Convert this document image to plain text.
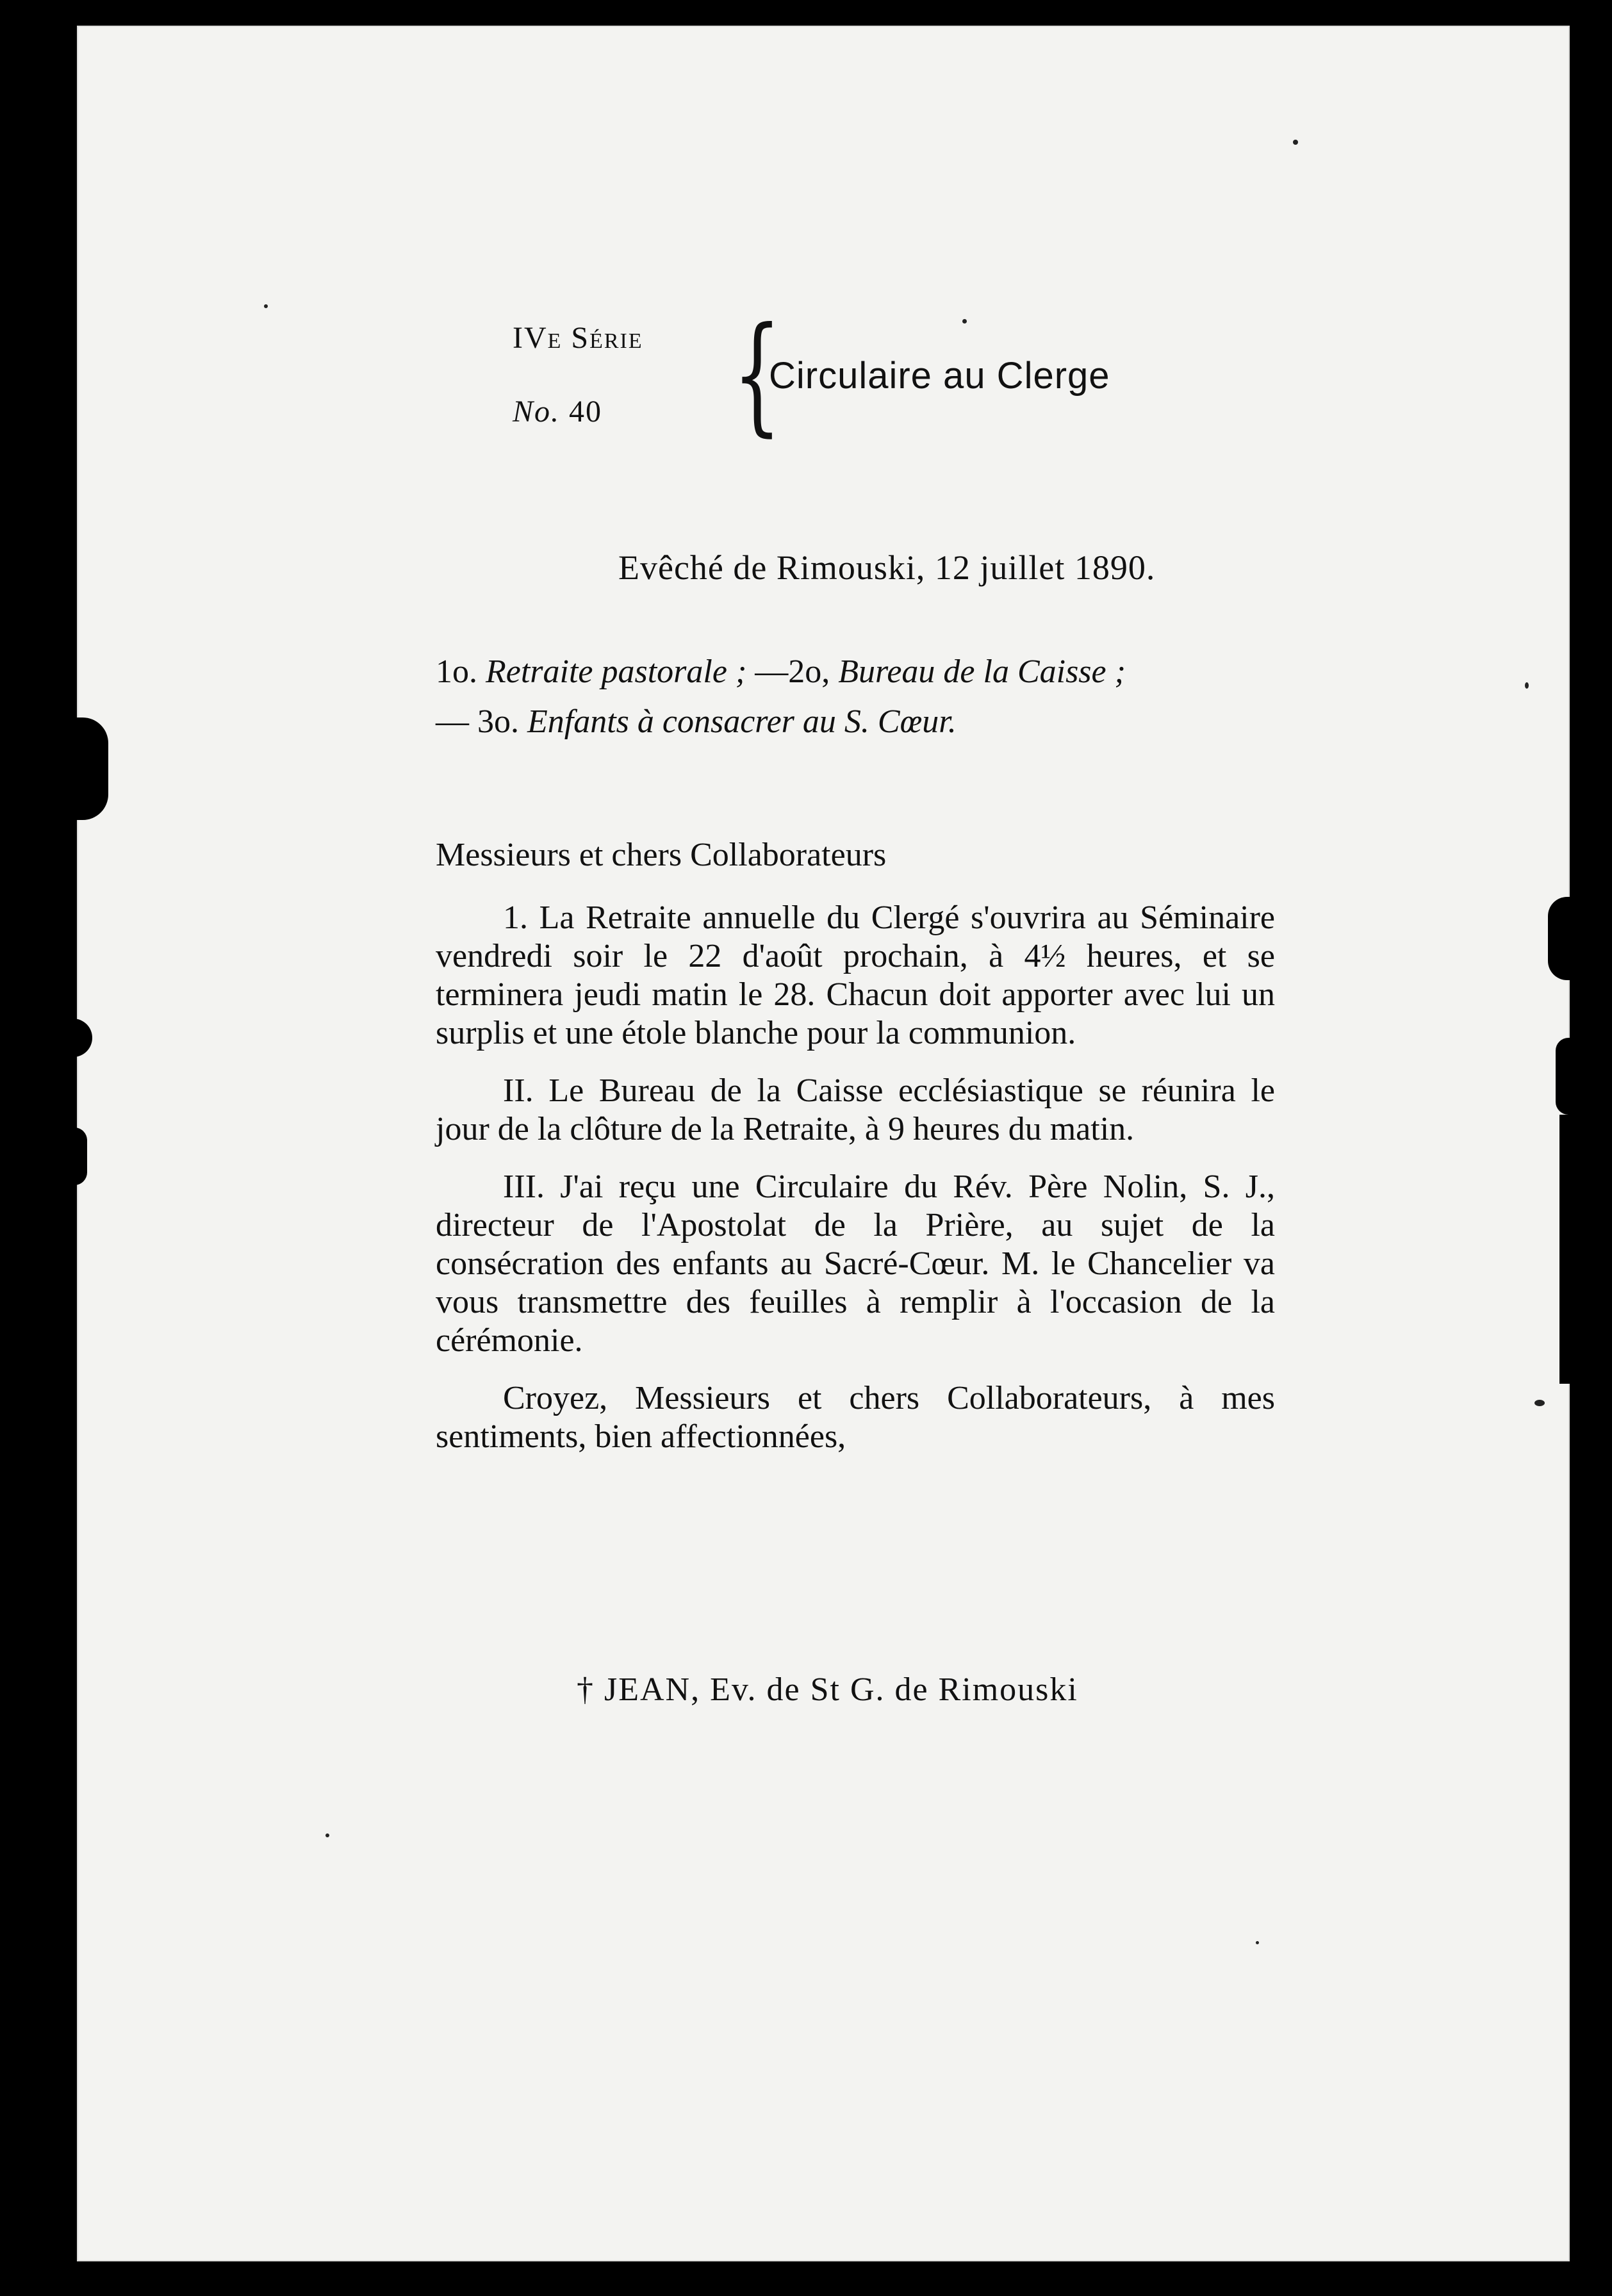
IVe Série
No. 40 {
Circulaire au Clerge
Evêché de Rimouski, 12 juillet 1890.
1o. Retraite pastorale ; —2o, Bureau de la Caisse ;
— 3o. Enfants à consacrer au S. Cœur.

Messieurs et chers Collaborateurs

1. La Retraite annuelle du Clergé s'ouvrira au Séminaire vendredi soir le 22 d'août prochain, à 4½ heures, et se terminera jeudi matin le 28. Chacun doit apporter avec lui un surplis et une étole blanche pour la communion.

II. Le Bureau de la Caisse ecclésiastique se réunira le jour de la clôture de la Retraite, à 9 heures du matin.

III. J'ai reçu une Circulaire du Rév. Père Nolin, S. J., directeur de l'Apostolat de la Prière, au sujet de la consécration des enfants au Sacré-Cœur. M. le Chancelier va vous transmettre des feuilles à remplir à l'occasion de la cérémonie.

Croyez, Messieurs et chers Collaborateurs, à mes sentiments, bien affectionnées,

† JEAN, Ev. de St G. de Rimouski
